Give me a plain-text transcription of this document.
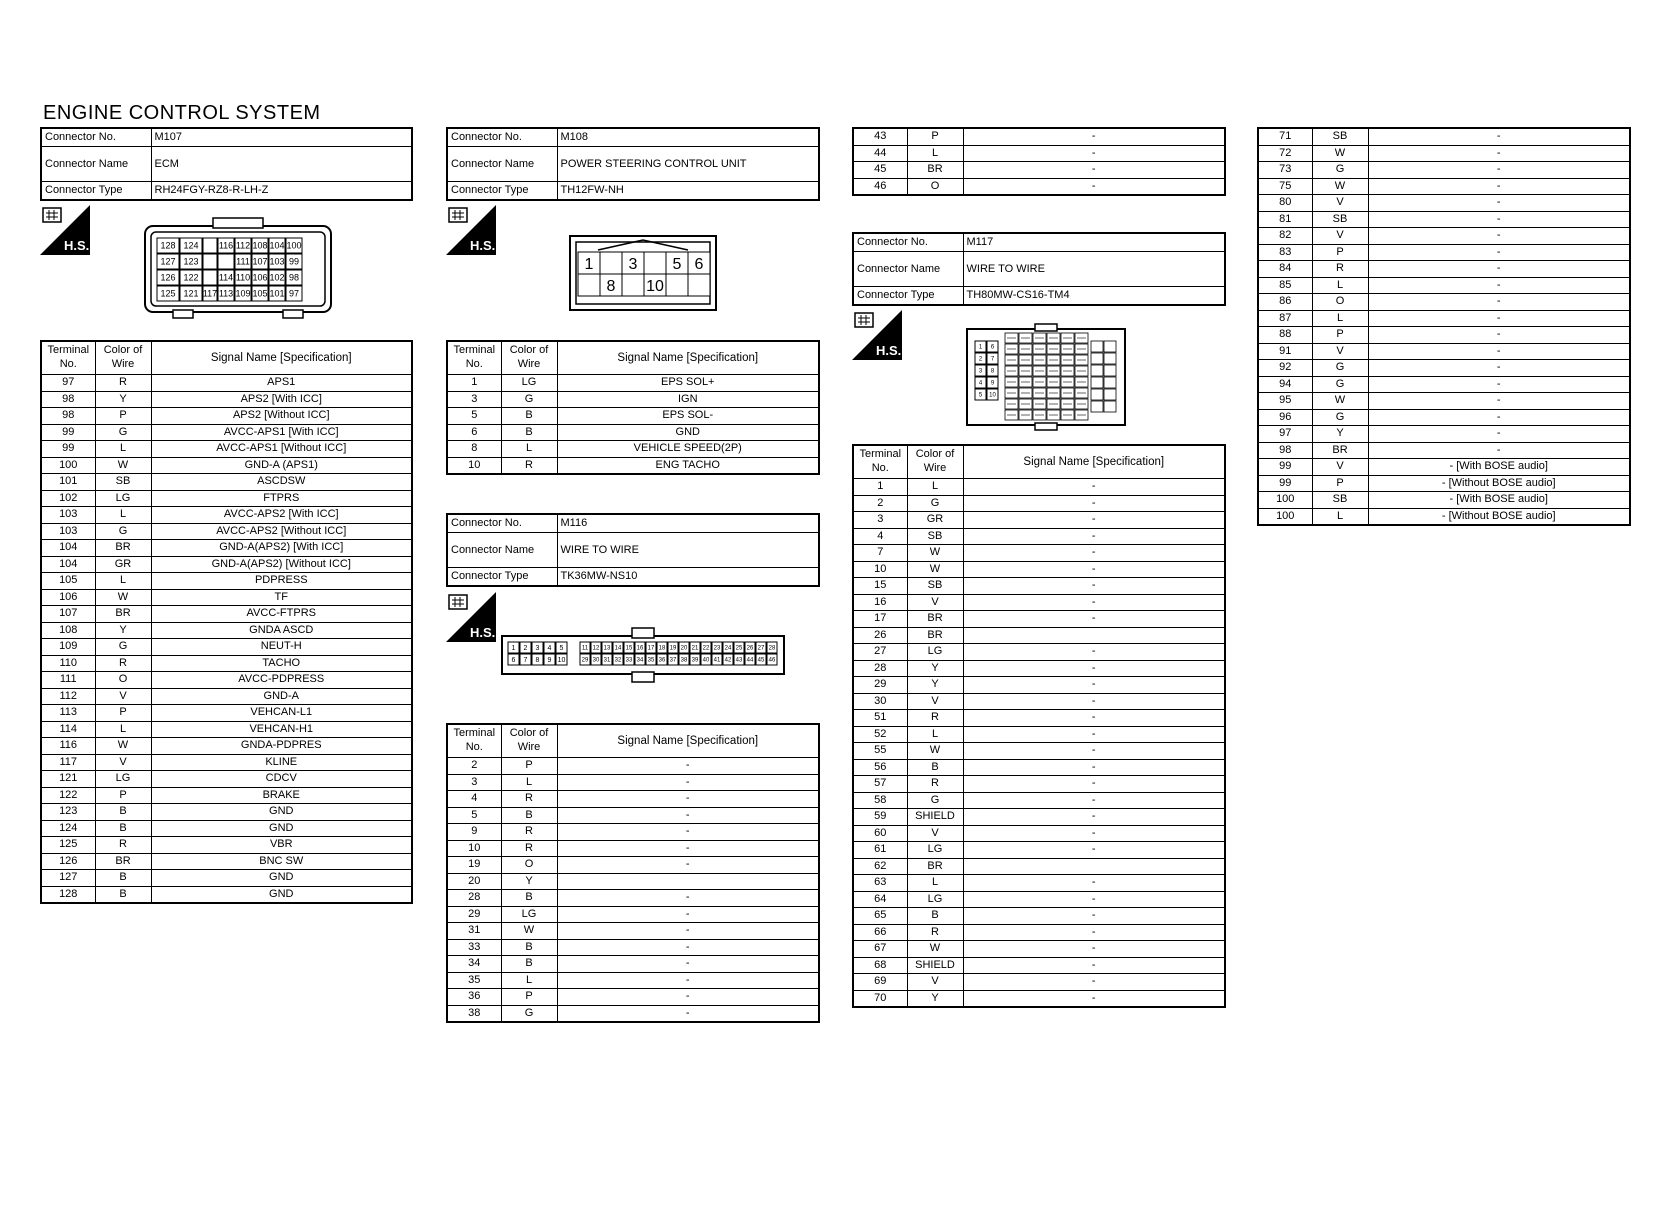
ENGINE CONTROL SYSTEM
Connector No.	M107
Connector Name	ECM
Connector Type	RH24FGY-RZ8-R-LH-Z
H.S.	128 124 116 112 108 104 100
127 123	111 107 103 99
126 122 114 110 106 102 98
125 121 117 113 109 105 101 97
Terminal No.	Color of Wire	Signal Name [Specification]
97	R	APS1
98	Y	APS2 [With ICC]
98	P	APS2 [Without ICC]
99	G	AVCC-APS1 [With ICC]
99	L	AVCC-APS1 [Without ICC]
100	W	GND-A (APS1)
101	SB	ASCDSW
102	LG	FTPRS
103	L	AVCC-APS2 [With ICC]
103	G	AVCC-APS2 [Without ICC]
104	BR	GND-A(APS2) [With ICC]
104	GR	GND-A(APS2) [Without ICC]
105	L	PDPRESS
106	W	TF
107	BR	AVCC-FTPRS
108	Y	GNDA ASCD
109	G	NEUT-H
110	R	TACHO
111	O	AVCC-PDPRESS
112	V	GND-A
113	P	VEHCAN-L1
114	L	VEHCAN-H1
116	W	GNDA-PDPRES
117	V	KLINE
121	LG	CDCV
122	P	BRAKE
123	B	GND
124	B	GND
125	R	VBR
126	BR	BNC SW
127	B	GND
128	B	GND
Connector No.	M108
Connector Name	POWER STEERING CONTROL UNIT
Connector Type	TH12FW-NH
H.S.
1 3 5 6
8 10
Terminal No.	Color of Wire	Signal Name [Specification]
1	LG	EPS SOL+
3	G	IGN
5	B	EPS SOL-
6	B	GND
8	L	VEHICLE SPEED(2P)
10	R	ENG TACHO
Connector No.	M116
Connector Name	WIRE TO WIRE
Connector Type	TK36MW-NS10
H.S.
1 2 3 4 5
6 7 8 9 10
11 12 13 14 15 16 17 18 19 20 21 22 23 24 25 26 27 28
29 30 31 32 33 34 35 36 37 38 39 40 41 42 43 44 45 46
Terminal No.	Color of Wire	Signal Name [Specification]
2	P	-
3	L	-
4	R	-
5	B	-
9	R	-
10	R	-
19	O	-
20	Y	
28	B	-
29	LG	-
31	W	-
33	B	-
34	B	-
35	L	-
36	P	-
38	G	-
43	P	-
44	L	-
45	BR	-
46	O	-
Connector No.	M117
Connector Name	WIRE TO WIRE
Connector Type	TH80MW-CS16-TM4
H.S.	1 6
2 7
3 8
4 9
5 10
Terminal No.	Color of Wire	Signal Name [Specification]
1	L	-
2	G	-
3	GR	-
4	SB	-
7	W	-
10	W	-
15	SB	-
16	V	-
17	BR	-
26	BR	
27	LG	-
28	Y	-
29	Y	-
30	V	-
51	R	-
52	L	-
55	W	-
56	B	-
57	R	-
58	G	-
59	SHIELD	-
60	V	-
61	LG	-
62	BR	
63	L	-
64	LG	-
65	B	-
66	R	-
67	W	-
68	SHIELD	-
69	V	-
70	Y	-
71	SB	-
72	W	-
73	G	-
75	W	-
80	V	-
81	SB	-
82	V	-
83	P	-
84	R	-
85	L	-
86	O	-
87	L	-
88	P	-
91	V	-
92	G	-
94	G	-
95	W	-
96	G	-
97	Y	-
98	BR	-
99	V	- [With BOSE audio]
99	P	- [Without BOSE audio]
100	SB	- [With BOSE audio]
100	L	- [Without BOSE audio]
